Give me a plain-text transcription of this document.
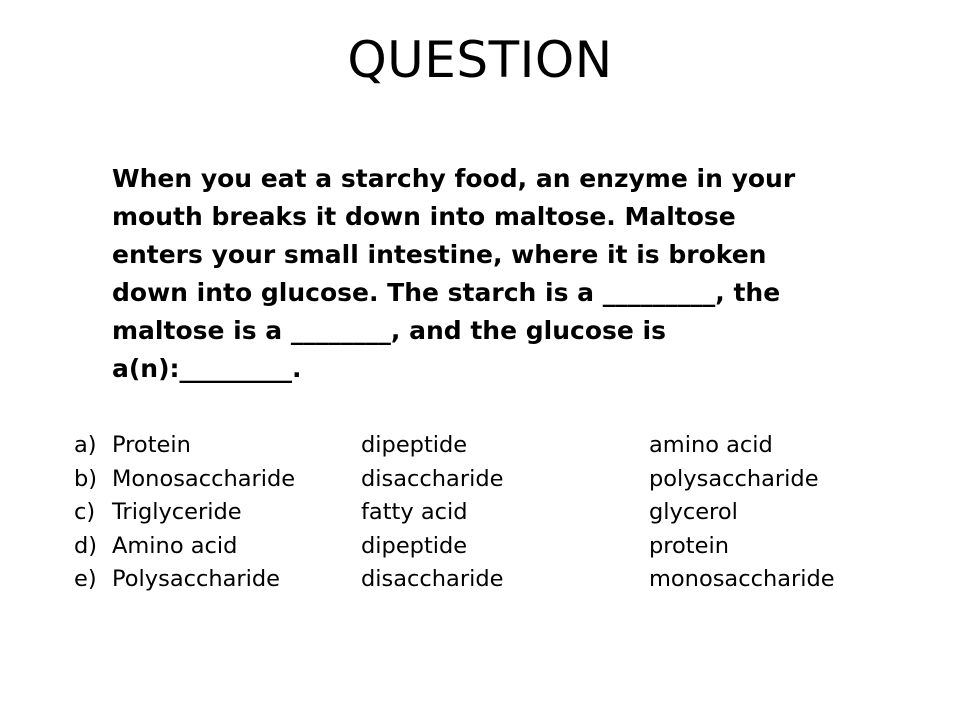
QUESTION
When you eat a starchy food, an enzyme in your
mouth breaks it down into maltose. Maltose
enters your small intestine, where it is broken
down into glucose. The starch is a _________, the
maltose is a ________, and the glucose is
a(n):_________.
a) Protein	dipeptide	amino acid
b) Monosaccharide	disaccharide	polysaccharide
c) Triglyceride	fatty acid	glycerol
d) Amino acid	dipeptide	protein
e) Polysaccharide	disaccharide	monosaccharide
